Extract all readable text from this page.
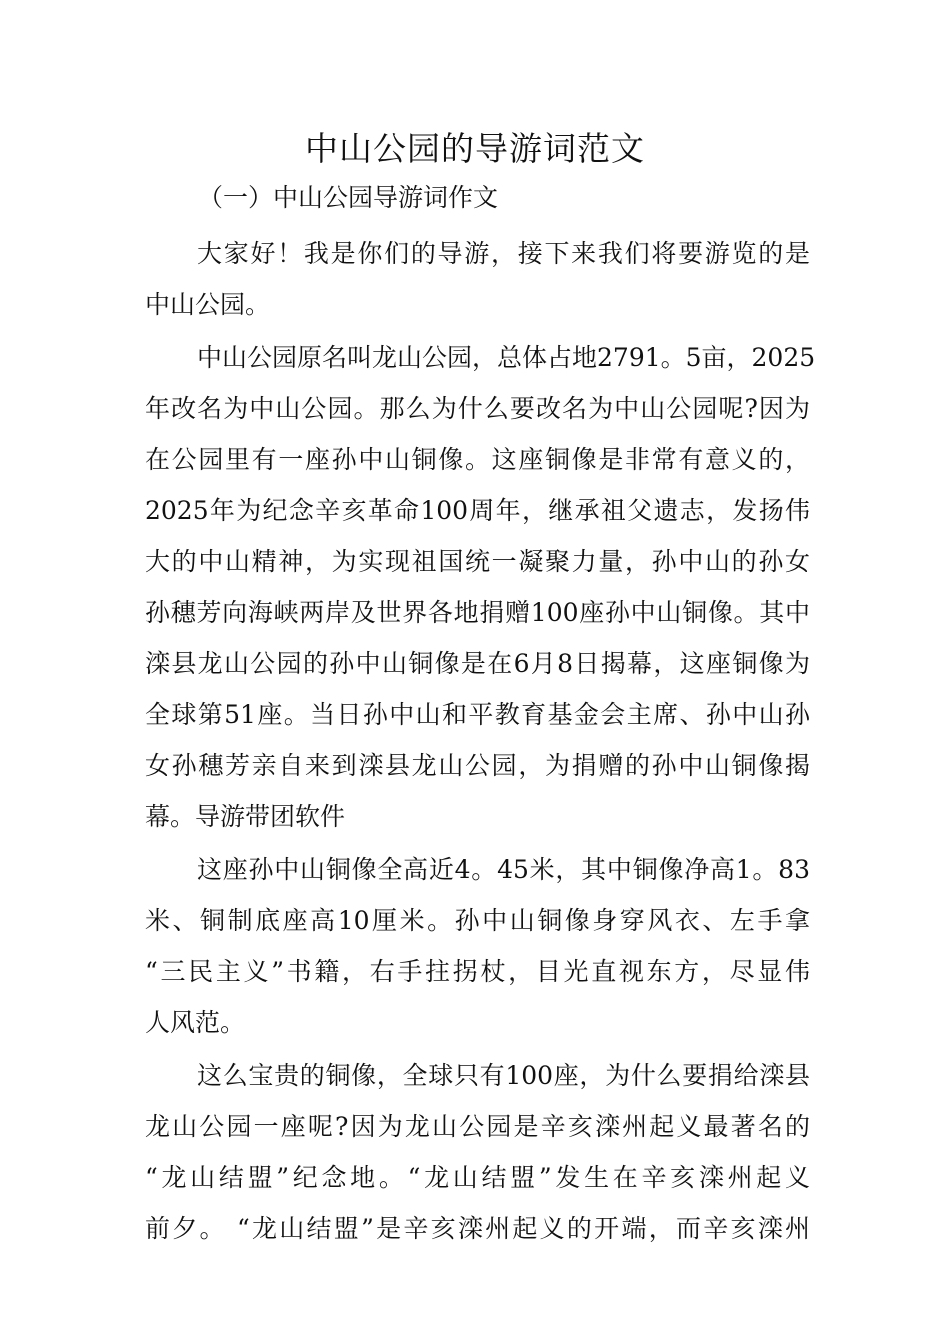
中山公园的导游词范文

（一）中山公园导游词作文

大家好！我是你们的导游，接下来我们将要游览的是
中山公园。
中山公园原名叫龙山公园，总体占地2791。5亩，2025
年改名为中山公园。那么为什么要改名为中山公园呢?因为
在公园里有一座孙中山铜像。这座铜像是非常有意义的，
2025年为纪念辛亥革命100周年，继承祖父遗志，发扬伟
大的中山精神，为实现祖国统一凝聚力量，孙中山的孙女
孙穗芳向海峡两岸及世界各地捐赠100座孙中山铜像。其中
滦县龙山公园的孙中山铜像是在6月8日揭幕，这座铜像为
全球第51座。当日孙中山和平教育基金会主席、孙中山孙
女孙穗芳亲自来到滦县龙山公园，为捐赠的孙中山铜像揭
幕。导游带团软件
这座孙中山铜像全高近4。45米，其中铜像净高1。83
米、铜制底座高10厘米。孙中山铜像身穿风衣、左手拿
“三民主义”书籍，右手拄拐杖，目光直视东方，尽显伟
人风范。
这么宝贵的铜像，全球只有100座，为什么要捐给滦县
龙山公园一座呢?因为龙山公园是辛亥滦州起义最著名的
“龙山结盟”纪念地。“龙山结盟”发生在辛亥滦州起义
前夕。 “龙山结盟”是辛亥滦州起义的开端，而辛亥滦州
